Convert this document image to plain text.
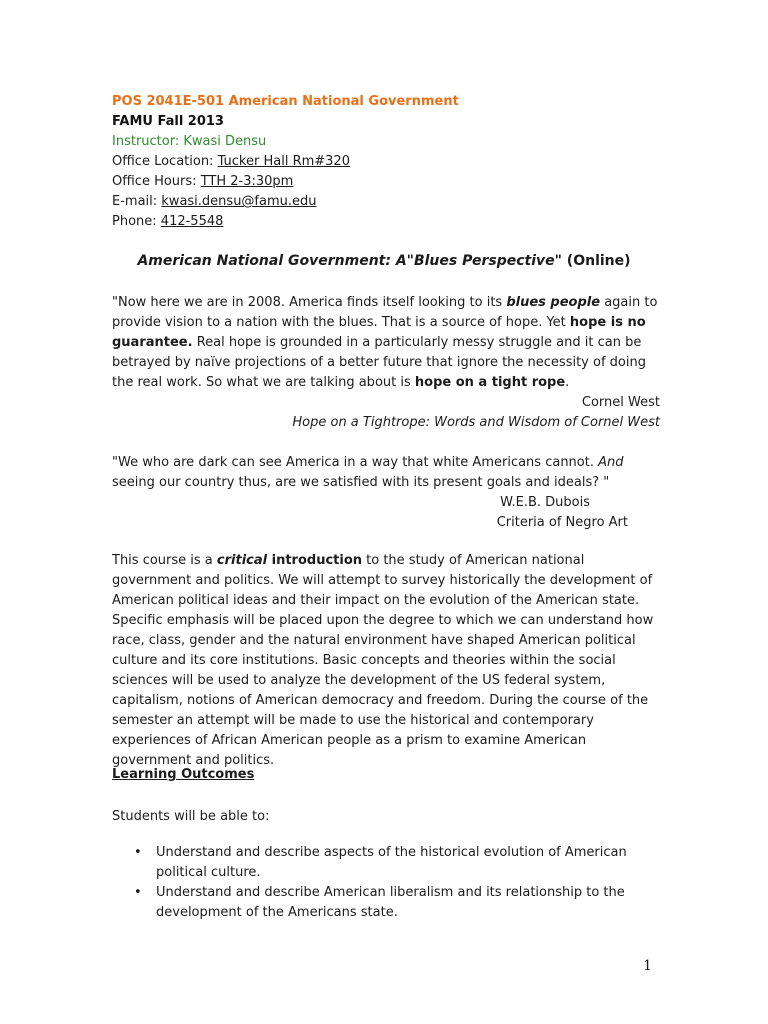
POS 2041E-501 American National Government
FAMU Fall 2013
Instructor: Kwasi Densu
Office Location: Tucker Hall Rm#320
Office Hours: TTH 2-3:30pm
E-mail: kwasi.densu@famu.edu
Phone: 412-5548
American National Government: A"Blues Perspective" (Online)
"Now here we are in 2008. America finds itself looking to its blues people again to provide vision to a nation with the blues. That is a source of hope. Yet hope is no guarantee. Real hope is grounded in a particularly messy struggle and it can be betrayed by naïve projections of a better future that ignore the necessity of doing the real work. So what we are talking about is hope on a tight rope.
Cornel West
Hope on a Tightrope: Words and Wisdom of Cornel West
"We who are dark can see America in a way that white Americans cannot. And seeing our country thus, are we satisfied with its present goals and ideals? "
W.E.B. Dubois
Criteria of Negro Art
This course is a critical introduction to the study of American national government and politics. We will attempt to survey historically the development of American political ideas and their impact on the evolution of the American state. Specific emphasis will be placed upon the degree to which we can understand how race, class, gender and the natural environment have shaped American political culture and its core institutions. Basic concepts and theories within the social sciences will be used to analyze the development of the US federal system, capitalism, notions of American democracy and freedom. During the course of the semester an attempt will be made to use the historical and contemporary experiences of African American people as a prism to examine American government and politics.
Learning Outcomes
Students will be able to:
• Understand and describe aspects of the historical evolution of American political culture.
• Understand and describe American liberalism and its relationship to the development of the Americans state.
1
